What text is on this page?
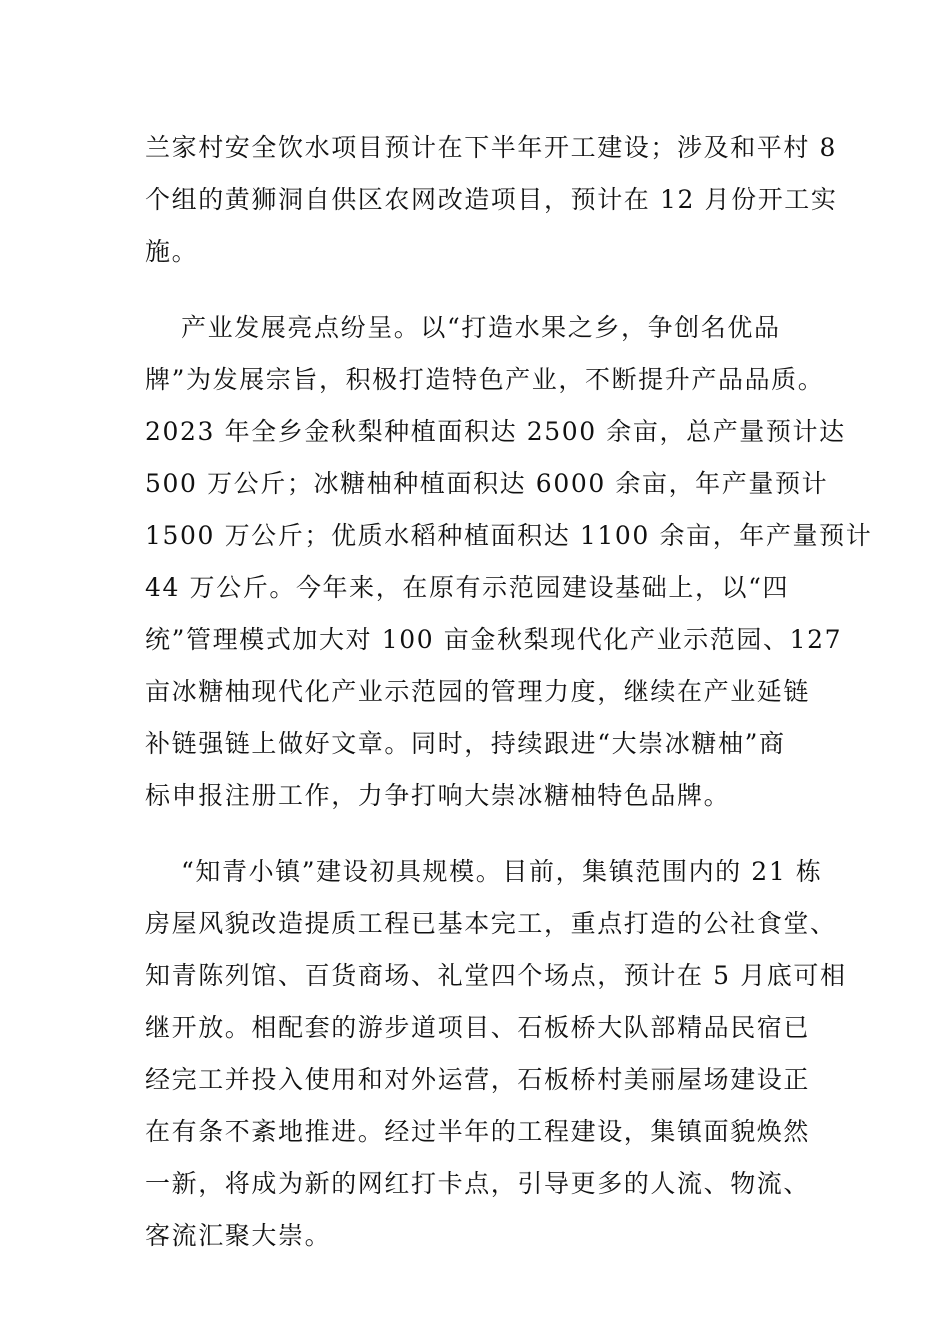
兰家村安全饮水项目预计在下半年开工建设；涉及和平村 8
个组的黄狮洞自供区农网改造项目，预计在 12 月份开工实
施。
产业发展亮点纷呈。以“打造水果之乡，争创名优品
牌”为发展宗旨，积极打造特色产业，不断提升产品品质。
2023 年全乡金秋梨种植面积达 2500 余亩，总产量预计达
500 万公斤；冰糖柚种植面积达 6000 余亩，年产量预计
1500 万公斤；优质水稻种植面积达 1100 余亩，年产量预计
44 万公斤。今年来，在原有示范园建设基础上，以“四
统”管理模式加大对 100 亩金秋梨现代化产业示范园、127
亩冰糖柚现代化产业示范园的管理力度，继续在产业延链
补链强链上做好文章。同时，持续跟进“大崇冰糖柚”商
标申报注册工作，力争打响大崇冰糖柚特色品牌。
“知青小镇”建设初具规模。目前，集镇范围内的 21 栋
房屋风貌改造提质工程已基本完工，重点打造的公社食堂、
知青陈列馆、百货商场、礼堂四个场点，预计在 5 月底可相
继开放。相配套的游步道项目、石板桥大队部精品民宿已
经完工并投入使用和对外运营，石板桥村美丽屋场建设正
在有条不紊地推进。经过半年的工程建设，集镇面貌焕然
一新，将成为新的网红打卡点，引导更多的人流、物流、
客流汇聚大崇。
